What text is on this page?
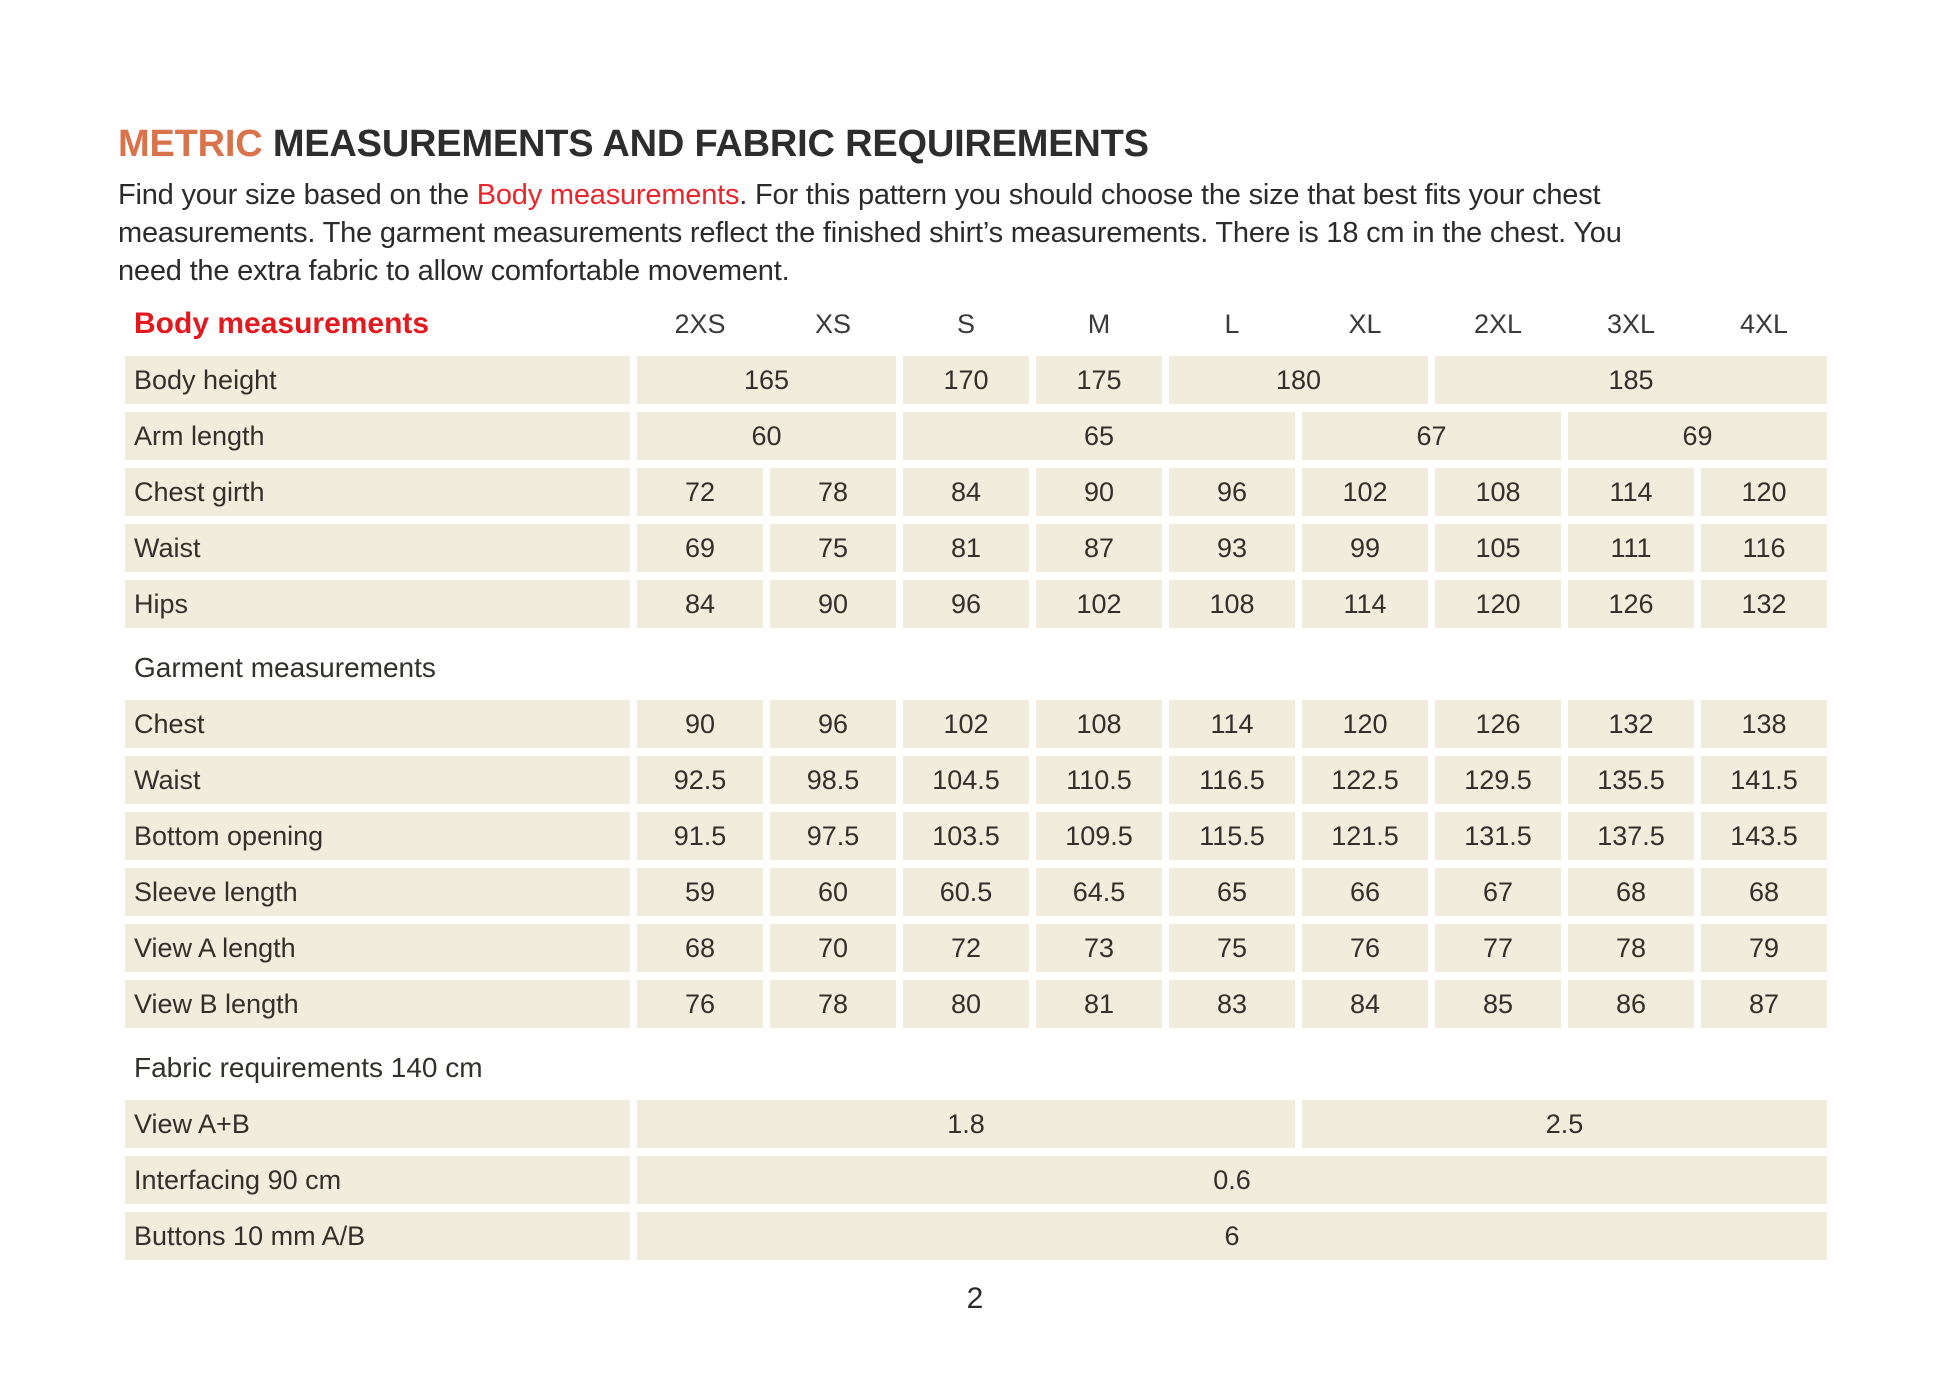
METRIC MEASUREMENTS AND FABRIC REQUIREMENTS

Find your size based on the Body measurements. For this pattern you should choose the size that best fits your chest
measurements. The garment measurements reflect the finished shirt’s measurements. There is 18 cm in the chest. You
need the extra fabric to allow comfortable movement.

Body measurements	2XS	XS	S	M	L	XL	2XL	3XL	4XL
Body height	165	170	175	180	185
Arm length	60	65	67	69
Chest girth	72	78	84	90	96	102	108	114	120
Waist	69	75	81	87	93	99	105	111	116
Hips	84	90	96	102	108	114	120	126	132
Garment measurements
Chest	90	96	102	108	114	120	126	132	138
Waist	92.5	98.5	104.5	110.5	116.5	122.5	129.5	135.5	141.5
Bottom opening	91.5	97.5	103.5	109.5	115.5	121.5	131.5	137.5	143.5
Sleeve length	59	60	60.5	64.5	65	66	67	68	68
View A length	68	70	72	73	75	76	77	78	79
View B length	76	78	80	81	83	84	85	86	87
Fabric requirements 140 cm
View A+B	1.8	2.5
Interfacing 90 cm	0.6
Buttons 10 mm A/B	6
2
